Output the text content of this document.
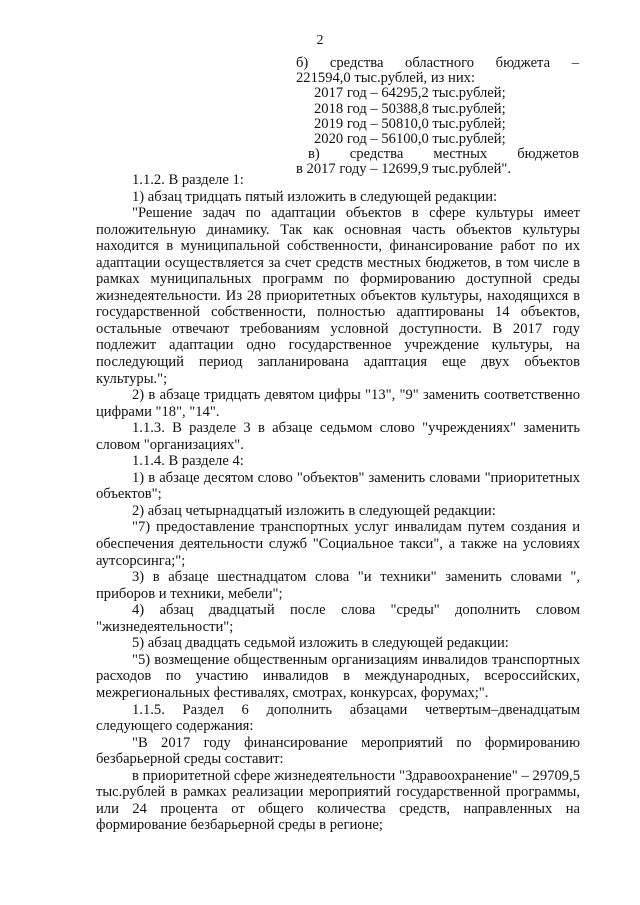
2
б) средства областного бюджета –
221594,0 тыс.рублей, из них:
2017 год – 64295,2 тыс.рублей;
2018 год – 50388,8 тыс.рублей;
2019 год – 50810,0 тыс.рублей;
2020 год – 56100,0 тыс.рублей;
в) средства местных бюджетов
в 2017 году – 12699,9 тыс.рублей".

1.1.2. В разделе 1:

1) абзац тридцать пятый изложить в следующей редакции:

"Решение задач по адаптации объектов в сфере культуры имеет положительную динамику. Так как основная часть объектов культуры находится в муниципальной собственности, финансирование работ по их адаптации осуществляется за счет средств местных бюджетов, в том числе в рамках муниципальных программ по формированию доступной среды жизнедеятельности. Из 28 приоритетных объектов культуры, находящихся в государственной собственности, полностью адаптированы 14 объектов, остальные отвечают требованиям условной доступности. В 2017 году подлежит адаптации одно государственное учреждение культуры, на последующий период запланирована адаптация еще двух объектов культуры.";

2) в абзаце тридцать девятом цифры "13", "9" заменить соответственно цифрами "18", "14".

1.1.3. В разделе 3 в абзаце седьмом слово "учреждениях" заменить словом "организациях".

1.1.4. В разделе 4:

1) в абзаце десятом слово "объектов" заменить словами "приоритетных объектов";

2) абзац четырнадцатый изложить в следующей редакции:

"7) предоставление транспортных услуг инвалидам путем создания и обеспечения деятельности служб "Социальное такси", а также на условиях аутсорсинга;";

3) в абзаце шестнадцатом слова "и техники" заменить словами ", приборов и техники, мебели";

4) абзац двадцатый после слова "среды" дополнить словом "жизнедеятельности";

5) абзац двадцать седьмой изложить в следующей редакции:

"5) возмещение общественным организациям инвалидов транспортных расходов по участию инвалидов в международных, всероссийских, межрегиональных фестивалях, смотрах, конкурсах, форумах;".

1.1.5. Раздел 6 дополнить абзацами четвертым–двенадцатым следующего содержания:

"В 2017 году финансирование мероприятий по формированию безбарьерной среды составит:

в приоритетной сфере жизнедеятельности "Здравоохранение" – 29709,5 тыс.рублей в рамках реализации мероприятий государственной программы, или 24 процента от общего количества средств, направленных на формирование безбарьерной среды в регионе;
